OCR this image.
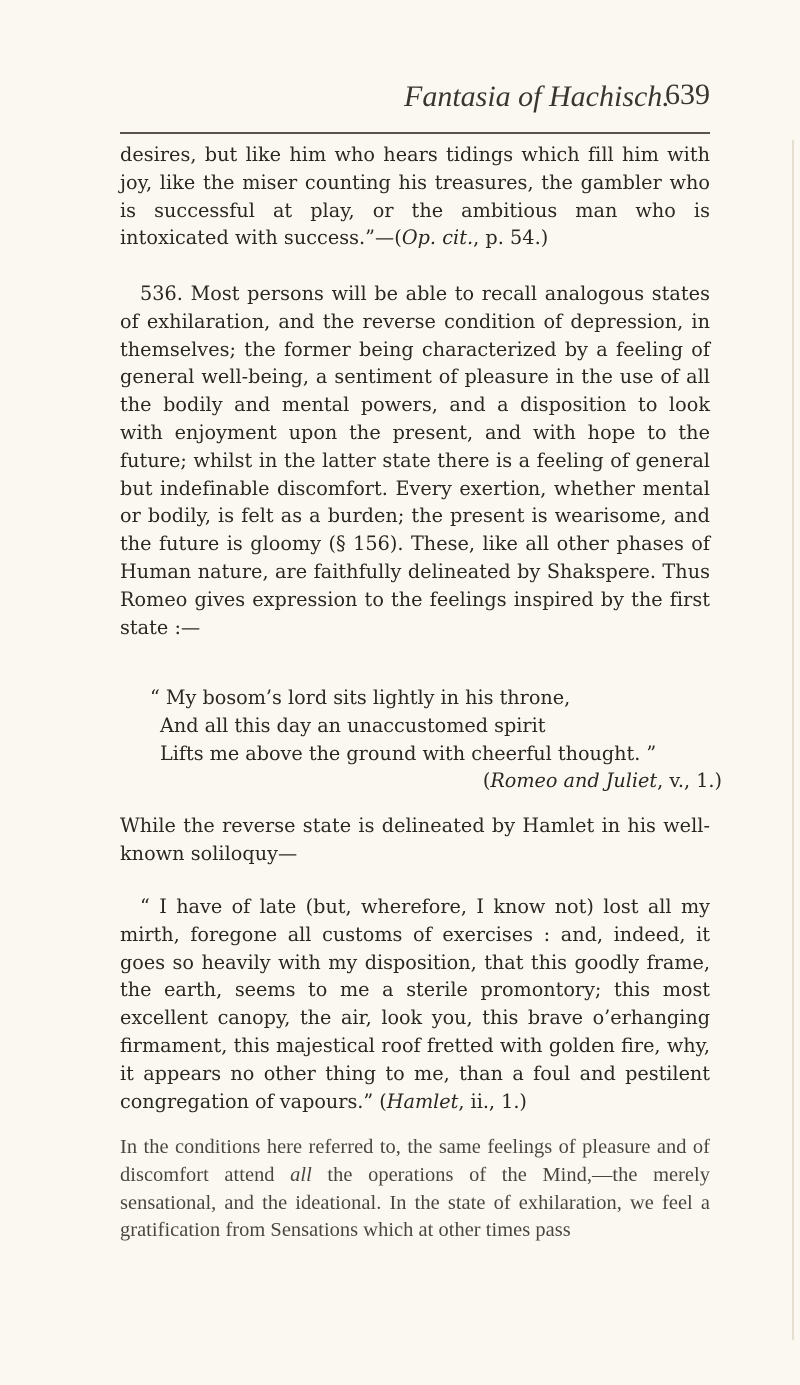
Fantasia of Hachisch.
639

desires, but like him who hears tidings which fill him with joy, like the miser counting his treasures, the gambler who is successful at play, or the ambitious man who is intoxicated with success.”—(Op. cit., p. 54.)

536. Most persons will be able to recall analogous states of exhilaration, and the reverse condition of depression, in themselves; the former being characterized by a feeling of general well-being, a sentiment of pleasure in the use of all the bodily and mental powers, and a disposition to look with enjoyment upon the present, and with hope to the future; whilst in the latter state there is a feeling of general but indefinable discomfort. Every exertion, whether mental or bodily, is felt as a burden; the present is wearisome, and the future is gloomy (§ 156). These, like all other phases of Human nature, are faithfully delineated by Shakspere. Thus Romeo gives expression to the feelings inspired by the first state :—

“ My bosom’s lord sits lightly in his throne,
And all this day an unaccustomed spirit
Lifts me above the ground with cheerful thought. ”
(Romeo and Juliet, v., 1.)

While the reverse state is delineated by Hamlet in his well-known soliloquy—

“ I have of late (but, wherefore, I know not) lost all my mirth, foregone all customs of exercises : and, indeed, it goes so heavily with my disposition, that this goodly frame, the earth, seems to me a sterile promontory; this most excellent canopy, the air, look you, this brave o’erhanging firmament, this majestical roof fretted with golden fire, why, it appears no other thing to me, than a foul and pestilent congregation of vapours.” (Hamlet, ii., 1.)

In the conditions here referred to, the same feelings of pleasure and of discomfort attend all the operations of the Mind,—the merely sensational, and the ideational. In the state of exhilaration, we feel a gratification from Sensations which at other times pass
